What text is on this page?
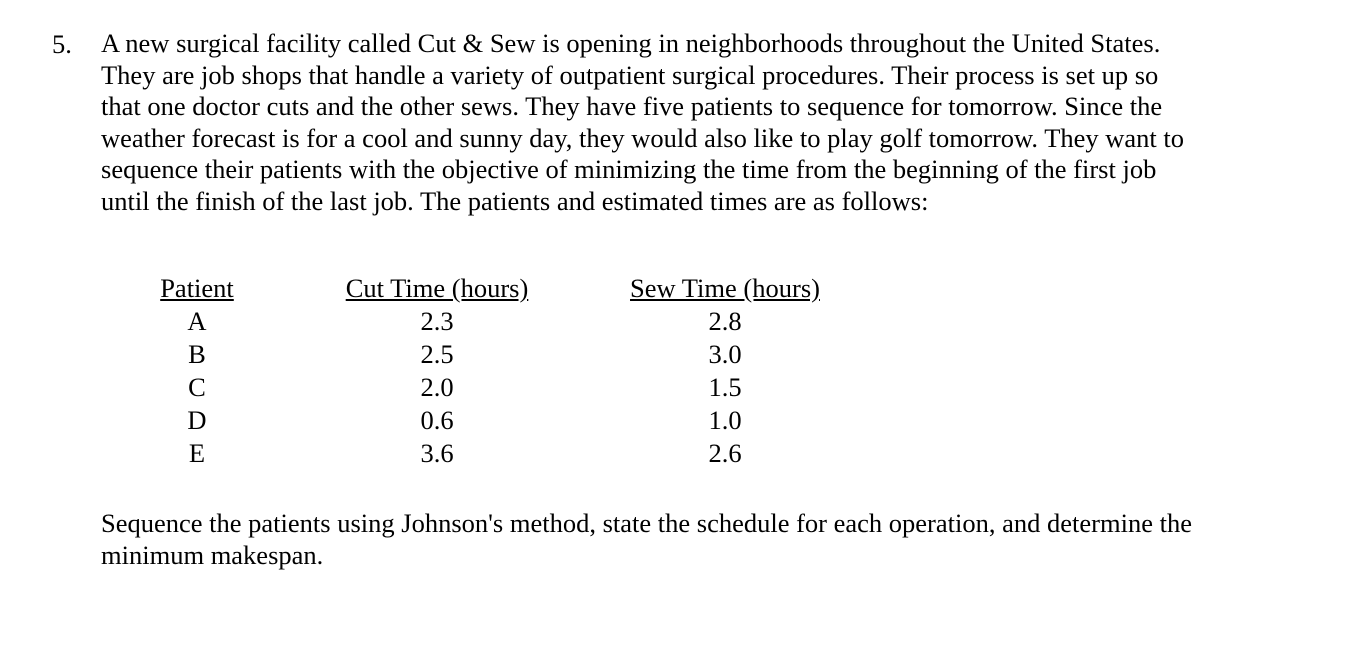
5. A new surgical facility called Cut & Sew is opening in neighborhoods throughout the United States.
They are job shops that handle a variety of outpatient surgical procedures. Their process is set up so
that one doctor cuts and the other sews. They have five patients to sequence for tomorrow. Since the
weather forecast is for a cool and sunny day, they would also like to play golf tomorrow. They want to
sequence their patients with the objective of minimizing the time from the beginning of the first job
until the finish of the last job. The patients and estimated times are as follows:
Patient
A
B
C
D
E
Cut Time (hours)
2.3
2.5
2.0
0.6
3.6
Sew Time (hours)
2.8
3.0
1.5
1.0
2.6
Sequence the patients using Johnson's method, state the schedule for each operation, and determine the
minimum makespan.
